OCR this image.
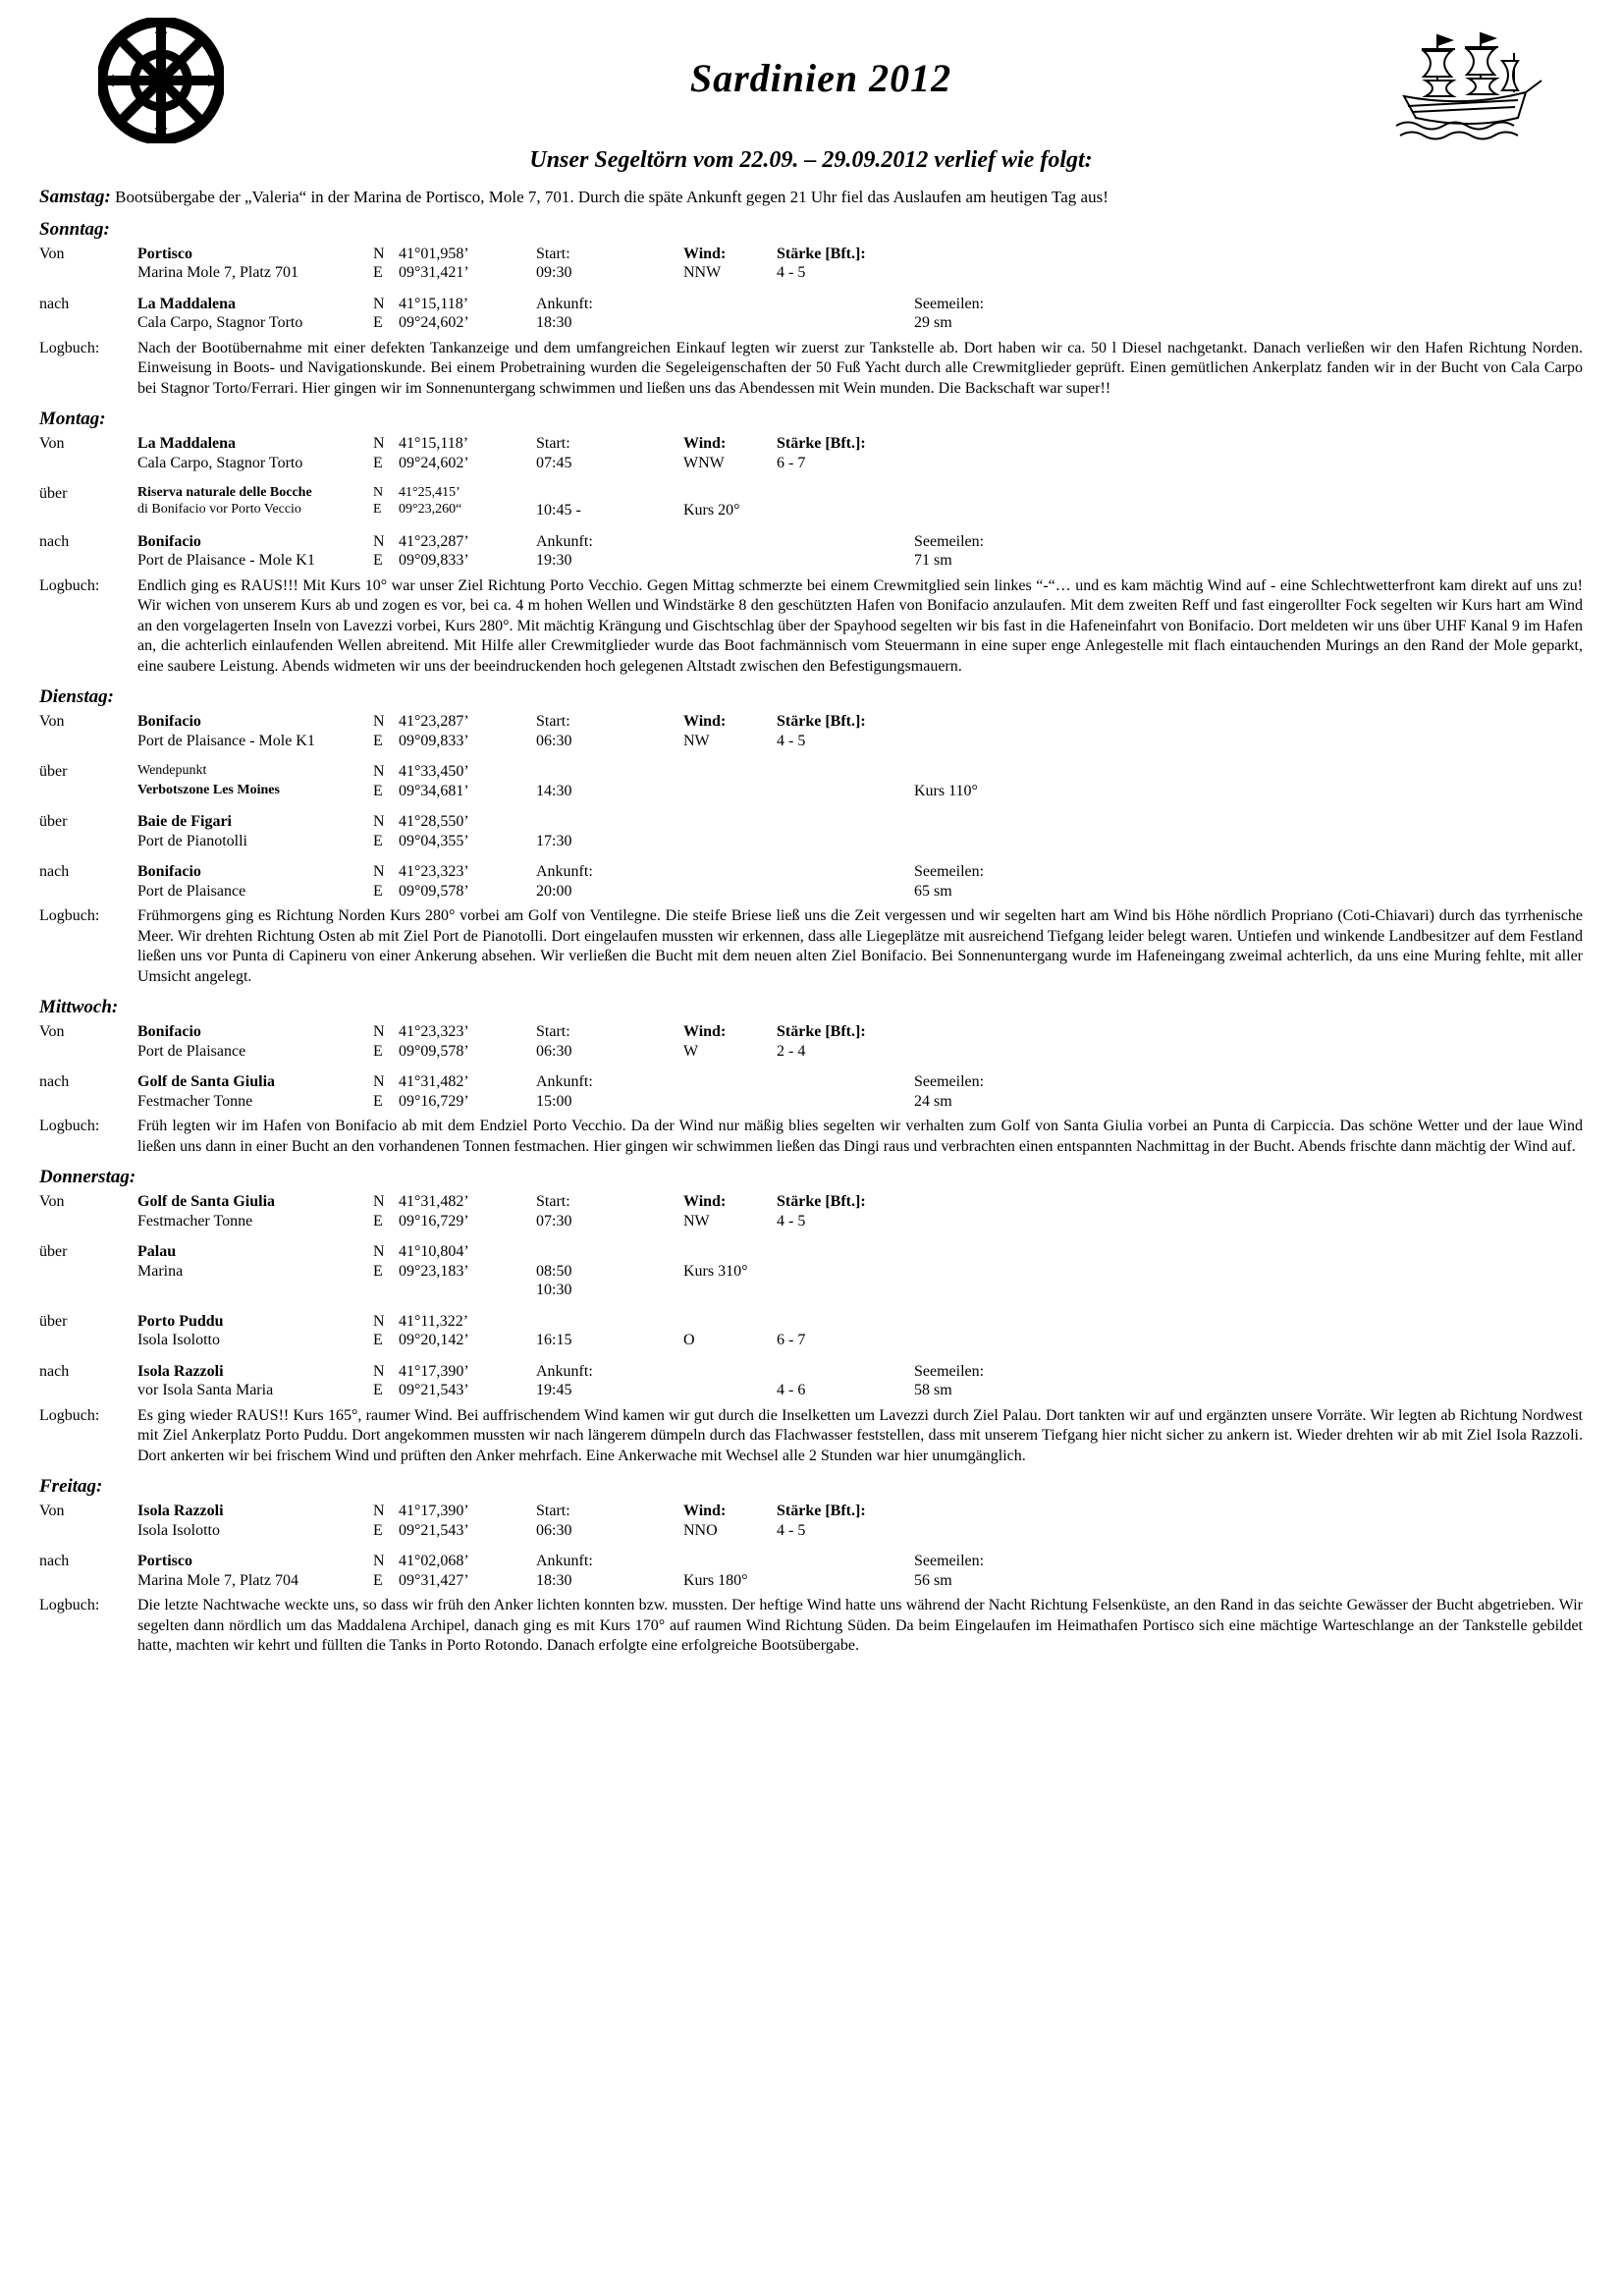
Sardinien 2012
Unser Segeltörn vom 22.09. – 29.09.2012 verlief wie folgt:
Samstag: Bootsübergabe der „Valeria“ in der Marina de Portisco, Mole 7, 701. Durch die späte Ankunft gegen 21 Uhr fiel das Auslaufen am heutigen Tag aus!
Sonntag:
Von	Portisco	N	41°01,958’	Start:	Wind:	Stärke [Bft.]:	
	Marina Mole 7, Platz 701	E	09°31,421’	09:30	NNW	4 - 5	

nach	La Maddalena	N	41°15,118’	Ankunft:			Seemeilen:
	Cala Carpo, Stagnor Torto	E	09°24,602’	18:30			29 sm
Logbuch:	Nach der Bootübernahme mit einer defekten Tankanzeige und dem umfangreichen Einkauf legten wir zuerst zur Tankstelle ab. Dort haben wir ca. 50 l Diesel nachgetankt. Danach verließen wir den Hafen Richtung Norden. Einweisung in Boots- und Navigationskunde. Bei einem Probetraining wurden die Segeleigenschaften der 50 Fuß Yacht durch alle Crewmitglieder geprüft. Einen gemütlichen Ankerplatz fanden wir in der Bucht von Cala Carpo bei Stagnor Torto/Ferrari. Hier gingen wir im Sonnenuntergang schwimmen und ließen uns das Abendessen mit Wein munden. Die Backschaft war super!!
Montag:
Von	La Maddalena	N	41°15,118’	Start:	Wind:	Stärke [Bft.]:	
	Cala Carpo, Stagnor Torto	E	09°24,602’	07:45	WNW	6 - 7	

über	Riserva naturale delle Bocche	N	41°25,415’				
	di Bonifacio vor Porto Veccio	E	09°23,260“	10:45 -	Kurs 20°		

nach	Bonifacio	N	41°23,287’	Ankunft:			Seemeilen:
	Port de Plaisance - Mole K1	E	09°09,833’	19:30			71 sm
Logbuch:	Endlich ging es RAUS!!! Mit Kurs 10° war unser Ziel Richtung Porto Vecchio. Gegen Mittag schmerzte bei einem Crewmitglied sein linkes “-“… und es kam mächtig Wind auf - eine Schlechtwetterfront kam direkt auf uns zu! Wir wichen von unserem Kurs ab und zogen es vor, bei ca. 4 m hohen Wellen und Windstärke 8 den geschützten Hafen von Bonifacio anzulaufen. Mit dem zweiten Reff und fast eingerollter Fock segelten wir Kurs hart am Wind an den vorgelagerten Inseln von Lavezzi vorbei, Kurs 280°. Mit mächtig Krängung und Gischtschlag über der Spayhood segelten wir bis fast in die Hafeneinfahrt von Bonifacio. Dort meldeten wir uns über UHF Kanal 9 im Hafen an, die achterlich einlaufenden Wellen abreitend. Mit Hilfe aller Crewmitglieder wurde das Boot fachmännisch vom Steuermann in eine super enge Anlegestelle mit flach eintauchenden Murings an den Rand der Mole geparkt, eine saubere Leistung. Abends widmeten wir uns der beeindruckenden hoch gelegenen Altstadt zwischen den Befestigungsmauern.
Dienstag:
Von	Bonifacio	N	41°23,287’	Start:	Wind:	Stärke [Bft.]:	
	Port de Plaisance - Mole K1	E	09°09,833’	06:30	NW	4 - 5	

über	Wendepunkt	N	41°33,450’				
	Verbotszone Les Moines	E	09°34,681’	14:30			Kurs 110°

über	Baie de Figari	N	41°28,550’				
	Port de Pianotolli	E	09°04,355’	17:30			

nach	Bonifacio	N	41°23,323’	Ankunft:			Seemeilen:
	Port de Plaisance	E	09°09,578’	20:00			65 sm
Logbuch:	Frühmorgens ging es Richtung Norden Kurs 280° vorbei am Golf von Ventilegne. Die steife Briese ließ uns die Zeit vergessen und wir segelten hart am Wind bis Höhe nördlich Propriano (Coti-Chiavari) durch das tyrrhenische Meer. Wir drehten Richtung Osten ab mit Ziel Port de Pianotolli. Dort eingelaufen mussten wir erkennen, dass alle Liegeplätze mit ausreichend Tiefgang leider belegt waren. Untiefen und winkende Landbesitzer auf dem Festland ließen uns vor Punta di Capineru von einer Ankerung absehen. Wir verließen die Bucht mit dem neuen alten Ziel Bonifacio. Bei Sonnenuntergang wurde im Hafeneingang zweimal achterlich, da uns eine Muring fehlte, mit aller Umsicht angelegt.
Mittwoch:
Von	Bonifacio	N	41°23,323’	Start:	Wind:	Stärke [Bft.]:	
	Port de Plaisance	E	09°09,578’	06:30	W	2 - 4	

nach	Golf de Santa Giulia	N	41°31,482’	Ankunft:			Seemeilen:
	Festmacher Tonne	E	09°16,729’	15:00			24 sm
Logbuch:	Früh legten wir im Hafen von Bonifacio ab mit dem Endziel Porto Vecchio. Da der Wind nur mäßig blies segelten wir verhalten zum Golf von Santa Giulia vorbei an Punta di Carpiccia. Das schöne Wetter und der laue Wind ließen uns dann in einer Bucht an den vorhandenen Tonnen festmachen. Hier gingen wir schwimmen ließen das Dingi raus und verbrachten einen entspannten Nachmittag in der Bucht. Abends frischte dann mächtig der Wind auf.
Donnerstag:
Von	Golf de Santa Giulia	N	41°31,482’	Start:	Wind:	Stärke [Bft.]:	
	Festmacher Tonne	E	09°16,729’	07:30	NW	4 - 5	

über	Palau	N	41°10,804’				
	Marina	E	09°23,183’	08:50	Kurs 310°		
				10:30			

über	Porto Puddu	N	41°11,322’				
	Isola Isolotto	E	09°20,142’	16:15	O	6 - 7	

nach	Isola Razzoli	N	41°17,390’	Ankunft:			Seemeilen:
	vor Isola Santa Maria	E	09°21,543’	19:45		4 - 6	58 sm
Logbuch:	Es ging wieder RAUS!! Kurs 165°, raumer Wind. Bei auffrischendem Wind kamen wir gut durch die Inselketten um Lavezzi durch Ziel Palau. Dort tankten wir auf und ergänzten unsere Vorräte. Wir legten ab Richtung Nordwest mit Ziel Ankerplatz Porto Puddu. Dort angekommen mussten wir nach längerem dümpeln durch das Flachwasser feststellen, dass mit unserem Tiefgang hier nicht sicher zu ankern ist. Wieder drehten wir ab mit Ziel Isola Razzoli. Dort ankerten wir bei frischem Wind und prüften den Anker mehrfach. Eine Ankerwache mit Wechsel alle 2 Stunden war hier unumgänglich.
Freitag:
Von	Isola Razzoli	N	41°17,390’	Start:	Wind:	Stärke [Bft.]:	
	Isola Isolotto	E	09°21,543’	06:30	NNO	4 - 5	

nach	Portisco	N	41°02,068’	Ankunft:			Seemeilen:
	Marina Mole 7, Platz 704	E	09°31,427’	18:30	Kurs 180°		56 sm
Logbuch:	Die letzte Nachtwache weckte uns, so dass wir früh den Anker lichten konnten bzw. mussten. Der heftige Wind hatte uns während der Nacht Richtung Felsenküste, an den Rand in das seichte Gewässer der Bucht abgetrieben. Wir segelten dann nördlich um das Maddalena Archipel, danach ging es mit Kurs 170° auf raumen Wind Richtung Süden. Da beim Eingelaufen im Heimathafen Portisco sich eine mächtige Warteschlange an der Tankstelle gebildet hatte, machten wir kehrt und füllten die Tanks in Porto Rotondo. Danach erfolgte eine erfolgreiche Bootsübergabe.
